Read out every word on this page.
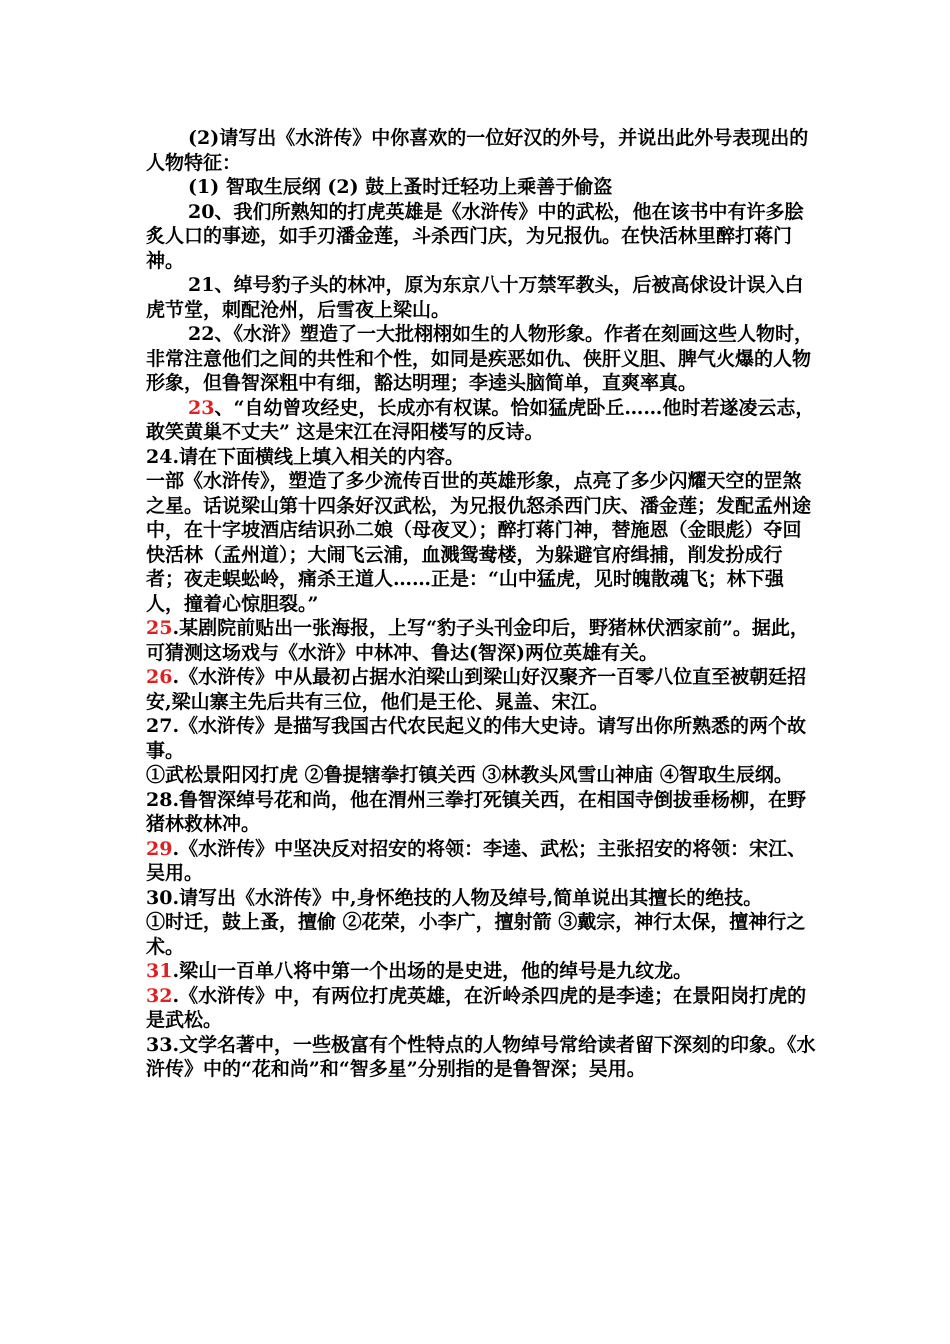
(2)请写出《水浒传》中你喜欢的一位好汉的外号，并说出此外号表现出的人物特征：

(1) 智取生辰纲 (2) 鼓上蚤时迁轻功上乘善于偷盗

20、我们所熟知的打虎英雄是《水浒传》中的武松，他在该书中有许多脍炙人口的事迹，如手刃潘金莲，斗杀西门庆，为兄报仇。在快活林里醉打蒋门神。

21、绰号豹子头的林冲，原为东京八十万禁军教头，后被高俅设计误入白虎节堂，刺配沧州，后雪夜上梁山。

22、《水浒》塑造了一大批栩栩如生的人物形象。作者在刻画这些人物时，非常注意他们之间的共性和个性，如同是疾恶如仇、侠肝义胆、脾气火爆的人物形象，但鲁智深粗中有细，豁达明理；李逵头脑简单，直爽率真。

23、“自幼曾攻经史，长成亦有权谋。恰如猛虎卧丘……他时若遂凌云志，敢笑黄巢不丈夫” 这是宋江在浔阳楼写的反诗。

24.请在下面横线上填入相关的内容。

一部《水浒传》，塑造了多少流传百世的英雄形象，点亮了多少闪耀天空的罡煞之星。话说梁山第十四条好汉武松，为兄报仇怒杀西门庆、潘金莲；发配孟州途中，在十字坡酒店结识孙二娘（母夜叉）；醉打蒋门神，替施恩（金眼彪）夺回快活林（孟州道）；大闹飞云浦，血溅鸳鸯楼，为躲避官府缉捕，削发扮成行者；夜走蜈蚣岭，痛杀王道人……正是：“山中猛虎，见时魄散魂飞；林下强人，撞着心惊胆裂。”

25.某剧院前贴出一张海报，上写“豹子头刊金印后，野猪林伏洒家前”。据此，可猜测这场戏与《水浒》中林冲、鲁达(智深)两位英雄有关。

26.《水浒传》中从最初占据水泊梁山到梁山好汉聚齐一百零八位直至被朝廷招安,梁山寨主先后共有三位，他们是王伦、晁盖、宋江。

27.《水浒传》是描写我国古代农民起义的伟大史诗。请写出你所熟悉的两个故事。

①武松景阳冈打虎 ②鲁提辖拳打镇关西 ③林教头风雪山神庙 ④智取生辰纲。

28.鲁智深绰号花和尚，他在渭州三拳打死镇关西，在相国寺倒拔垂杨柳，在野猪林救林冲。

29.《水浒传》中坚决反对招安的将领：李逵、武松；主张招安的将领：宋江、吴用。

30.请写出《水浒传》中,身怀绝技的人物及绰号,简单说出其擅长的绝技。

①时迁，鼓上蚤，擅偷 ②花荣，小李广，擅射箭 ③戴宗，神行太保，擅神行之术。

31.梁山一百单八将中第一个出场的是史进，他的绰号是九纹龙。

32.《水浒传》中，有两位打虎英雄，在沂岭杀四虎的是李逵；在景阳岗打虎的是武松。

33.文学名著中，一些极富有个性特点的人物绰号常给读者留下深刻的印象。《水浒传》中的“花和尚”和“智多星”分别指的是鲁智深；吴用。
